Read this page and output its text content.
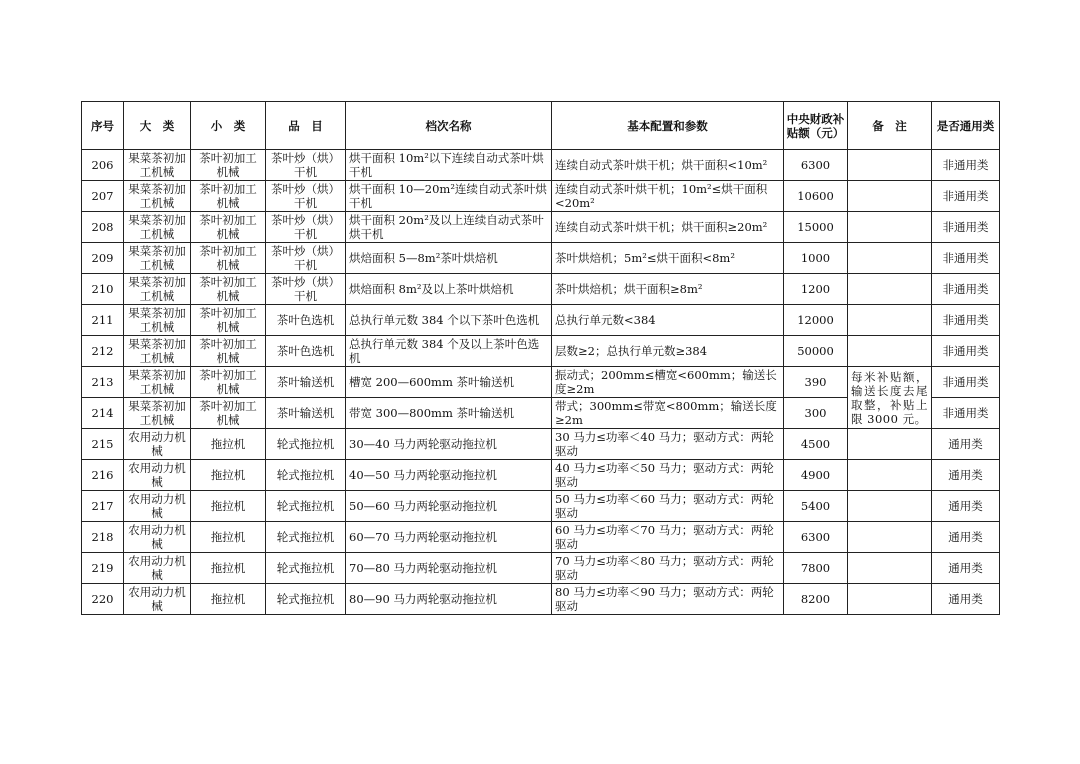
序号	大　类	小　类	品　目	档次名称	基本配置和参数	中央财政补贴额（元）	备　注	是否通用类
206	果菜茶初加工机械	茶叶初加工机械	茶叶炒（烘）干机	烘干面积 10m²以下连续自动式茶叶烘干机	连续自动式茶叶烘干机；烘干面积<10m²	6300		非通用类
207	果菜茶初加工机械	茶叶初加工机械	茶叶炒（烘）干机	烘干面积 10—20m²连续自动式茶叶烘干机	连续自动式茶叶烘干机；10m²≤烘干面积<20m²	10600		非通用类
208	果菜茶初加工机械	茶叶初加工机械	茶叶炒（烘）干机	烘干面积 20m²及以上连续自动式茶叶烘干机	连续自动式茶叶烘干机；烘干面积≥20m²	15000		非通用类
209	果菜茶初加工机械	茶叶初加工机械	茶叶炒（烘）干机	烘焙面积 5—8m²茶叶烘焙机	茶叶烘焙机；5m²≤烘干面积<8m²	1000		非通用类
210	果菜茶初加工机械	茶叶初加工机械	茶叶炒（烘）干机	烘焙面积 8m²及以上茶叶烘焙机	茶叶烘焙机；烘干面积≥8m²	1200		非通用类
211	果菜茶初加工机械	茶叶初加工机械	茶叶色选机	总执行单元数 384 个以下茶叶色选机	总执行单元数<384	12000		非通用类
212	果菜茶初加工机械	茶叶初加工机械	茶叶色选机	总执行单元数 384 个及以上茶叶色选机	层数≥2；总执行单元数≥384	50000		非通用类
213	果菜茶初加工机械	茶叶初加工机械	茶叶输送机	槽宽 200—600mm 茶叶输送机	振动式；200mm≤槽宽<600mm；输送长度≥2m	390	每米补贴额，输送长度去尾取整，补贴上限 3000 元。	非通用类
214	果菜茶初加工机械	茶叶初加工机械	茶叶输送机	带宽 300—800mm 茶叶输送机	带式；300mm≤带宽<800mm；输送长度≥2m	300		非通用类
215	农用动力机械	拖拉机	轮式拖拉机	30—40 马力两轮驱动拖拉机	30 马力≤功率＜40 马力；驱动方式：两轮驱动	4500		通用类
216	农用动力机械	拖拉机	轮式拖拉机	40—50 马力两轮驱动拖拉机	40 马力≤功率＜50 马力；驱动方式：两轮驱动	4900		通用类
217	农用动力机械	拖拉机	轮式拖拉机	50—60 马力两轮驱动拖拉机	50 马力≤功率＜60 马力；驱动方式：两轮驱动	5400		通用类
218	农用动力机械	拖拉机	轮式拖拉机	60—70 马力两轮驱动拖拉机	60 马力≤功率＜70 马力；驱动方式：两轮驱动	6300		通用类
219	农用动力机械	拖拉机	轮式拖拉机	70—80 马力两轮驱动拖拉机	70 马力≤功率＜80 马力；驱动方式：两轮驱动	7800		通用类
220	农用动力机械	拖拉机	轮式拖拉机	80—90 马力两轮驱动拖拉机	80 马力≤功率＜90 马力；驱动方式：两轮驱动	8200		通用类
